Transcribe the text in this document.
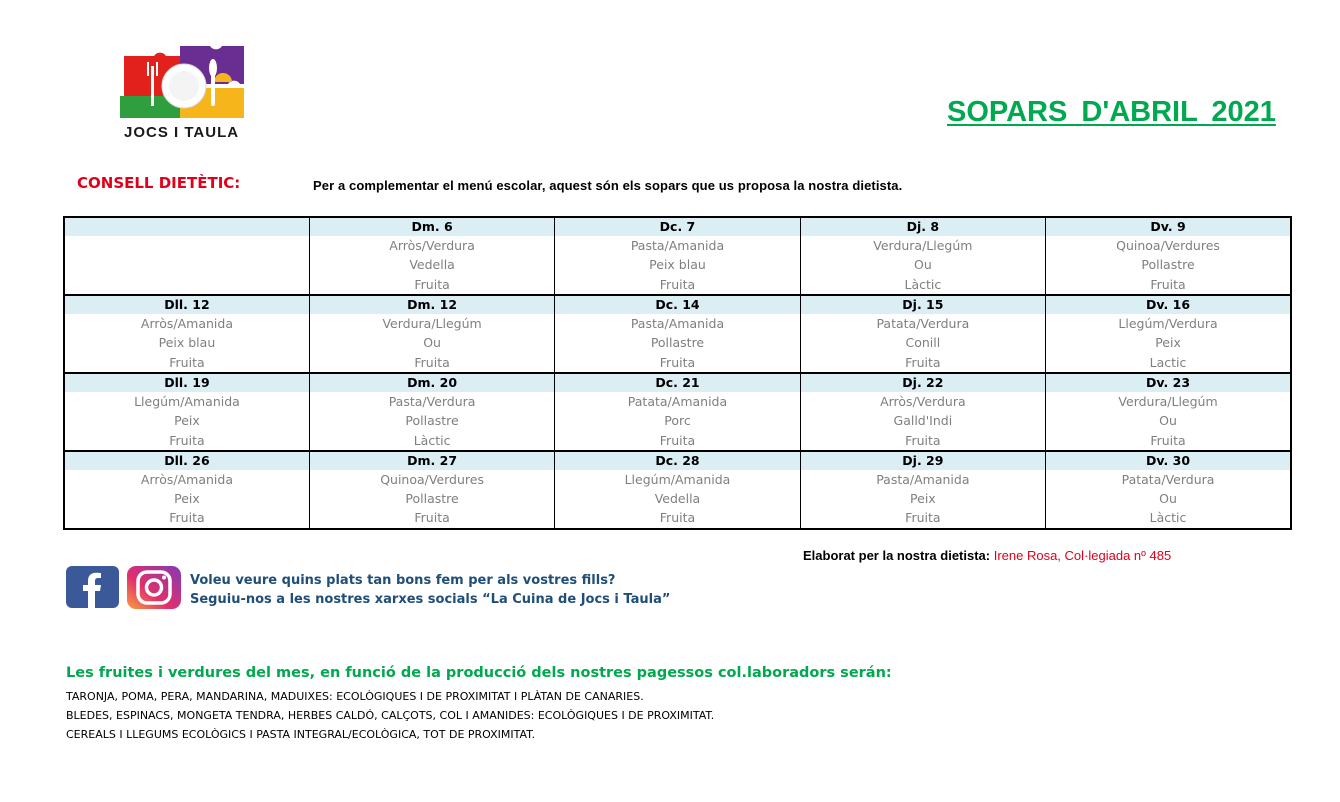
JOCS I TAULA
SOPARS D'ABRIL 2021
CONSELL DIETÈTIC:	Per a complementar el menú escolar, aquest són els sopars que us proposa la nostra dietista.
	Dm. 6	Dc. 7	Dj. 8	Dv. 9
	Arròs/Verdura	Pasta/Amanida	Verdura/Llegúm	Quinoa/Verdures
	Vedella	Peix blau	Ou	Pollastre
	Fruita	Fruita	Làctic	Fruita
Dll. 12	Dm. 12	Dc. 14	Dj. 15	Dv. 16
Arròs/Amanida	Verdura/Llegúm	Pasta/Amanida	Patata/Verdura	Llegúm/Verdura
Peix blau	Ou	Pollastre	Conill	Peix
Fruita	Fruita	Fruita	Fruita	Lactic
Dll. 19	Dm. 20	Dc. 21	Dj. 22	Dv. 23
Llegúm/Amanida	Pasta/Verdura	Patata/Amanida	Arròs/Verdura	Verdura/Llegúm
Peix	Pollastre	Porc	Galld'Indi	Ou
Fruita	Làctic	Fruita	Fruita	Fruita
Dll. 26	Dm. 27	Dc. 28	Dj. 29	Dv. 30
Arròs/Amanida	Quinoa/Verdures	Llegúm/Amanida	Pasta/Amanida	Patata/Verdura
Peix	Pollastre	Vedella	Peix	Ou
Fruita	Fruita	Fruita	Fruita	Làctic
Elaborat per la nostra dietista: Irene Rosa, Col·legiada nº 485
Voleu veure quins plats tan bons fem per als vostres fills?
Seguiu-nos a les nostres xarxes socials “La Cuina de Jocs i Taula”
Les fruites i verdures del mes, en funció de la producció dels nostres pagessos col.laboradors serán:
TARONJA, POMA, PERA, MANDARINA, MADUIXES: ECOLÒGIQUES I DE PROXIMITAT I PLÀTAN DE CANARIES.
BLEDES, ESPINACS, MONGETA TENDRA, HERBES CALDÓ, CALÇOTS, COL I AMANIDES: ECOLÒGIQUES I DE PROXIMITAT.
CEREALS I LLEGUMS ECOLÒGICS I PASTA INTEGRAL/ECOLÒGICA, TOT DE PROXIMITAT.
